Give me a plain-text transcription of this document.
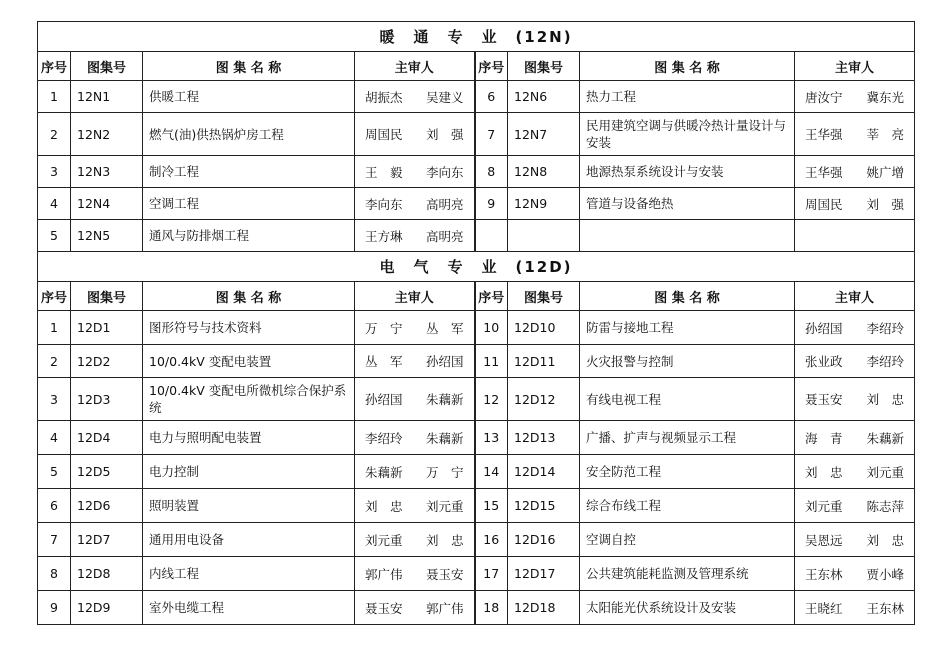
暖　通　专　业　(12N)							
序号	图集号	图 集 名 称	主审人	序号	图集号	图 集 名 称	主审人
1	12N1	供暖工程	胡振杰 吴建义	6	12N6	热力工程	唐汝宁 冀东光

2	12N2	燃气(油)供热锅炉房工程	周国民 刘　强	7	12N7	民用建筑空调与供暖冷热计量设计与安装	王华强 莘　亮

3	12N3	制冷工程	王　毅 李向东	8	12N8	地源热泵系统设计与安装	王华强 姚广增

4	12N4	空调工程	李向东 高明亮	9	12N9	管道与设备绝热	周国民 刘　强

5	12N5	通风与防排烟工程	王方琳 高明亮				

电　气　专　业　(12D)							
序号	图集号	图 集 名 称	主审人	序号	图集号	图 集 名 称	主审人
1	12D1	图形符号与技术资料	万　宁 丛　军	10	12D10	防雷与接地工程	孙绍国 李绍玲

2	12D2	10/0.4kV 变配电装置	丛　军 孙绍国	11	12D11	火灾报警与控制	张业政 李绍玲

3	12D3	10/0.4kV 变配电所微机综合保护系统	孙绍国 朱藕新	12	12D12	有线电视工程	聂玉安 刘　忠

4	12D4	电力与照明配电装置	李绍玲 朱藕新	13	12D13	广播、扩声与视频显示工程	海　青 朱藕新

5	12D5	电力控制	朱藕新 万　宁	14	12D14	安全防范工程	刘　忠 刘元重

6	12D6	照明装置	刘　忠 刘元重	15	12D15	综合布线工程	刘元重 陈志萍

7	12D7	通用用电设备	刘元重 刘　忠	16	12D16	空调自控	吴恩远 刘　忠

8	12D8	内线工程	郭广伟 聂玉安	17	12D17	公共建筑能耗监测及管理系统	王东林 贾小峰

9	12D9	室外电缆工程	聂玉安 郭广伟	18	12D18	太阳能光伏系统设计及安装	王晓红 王东林
